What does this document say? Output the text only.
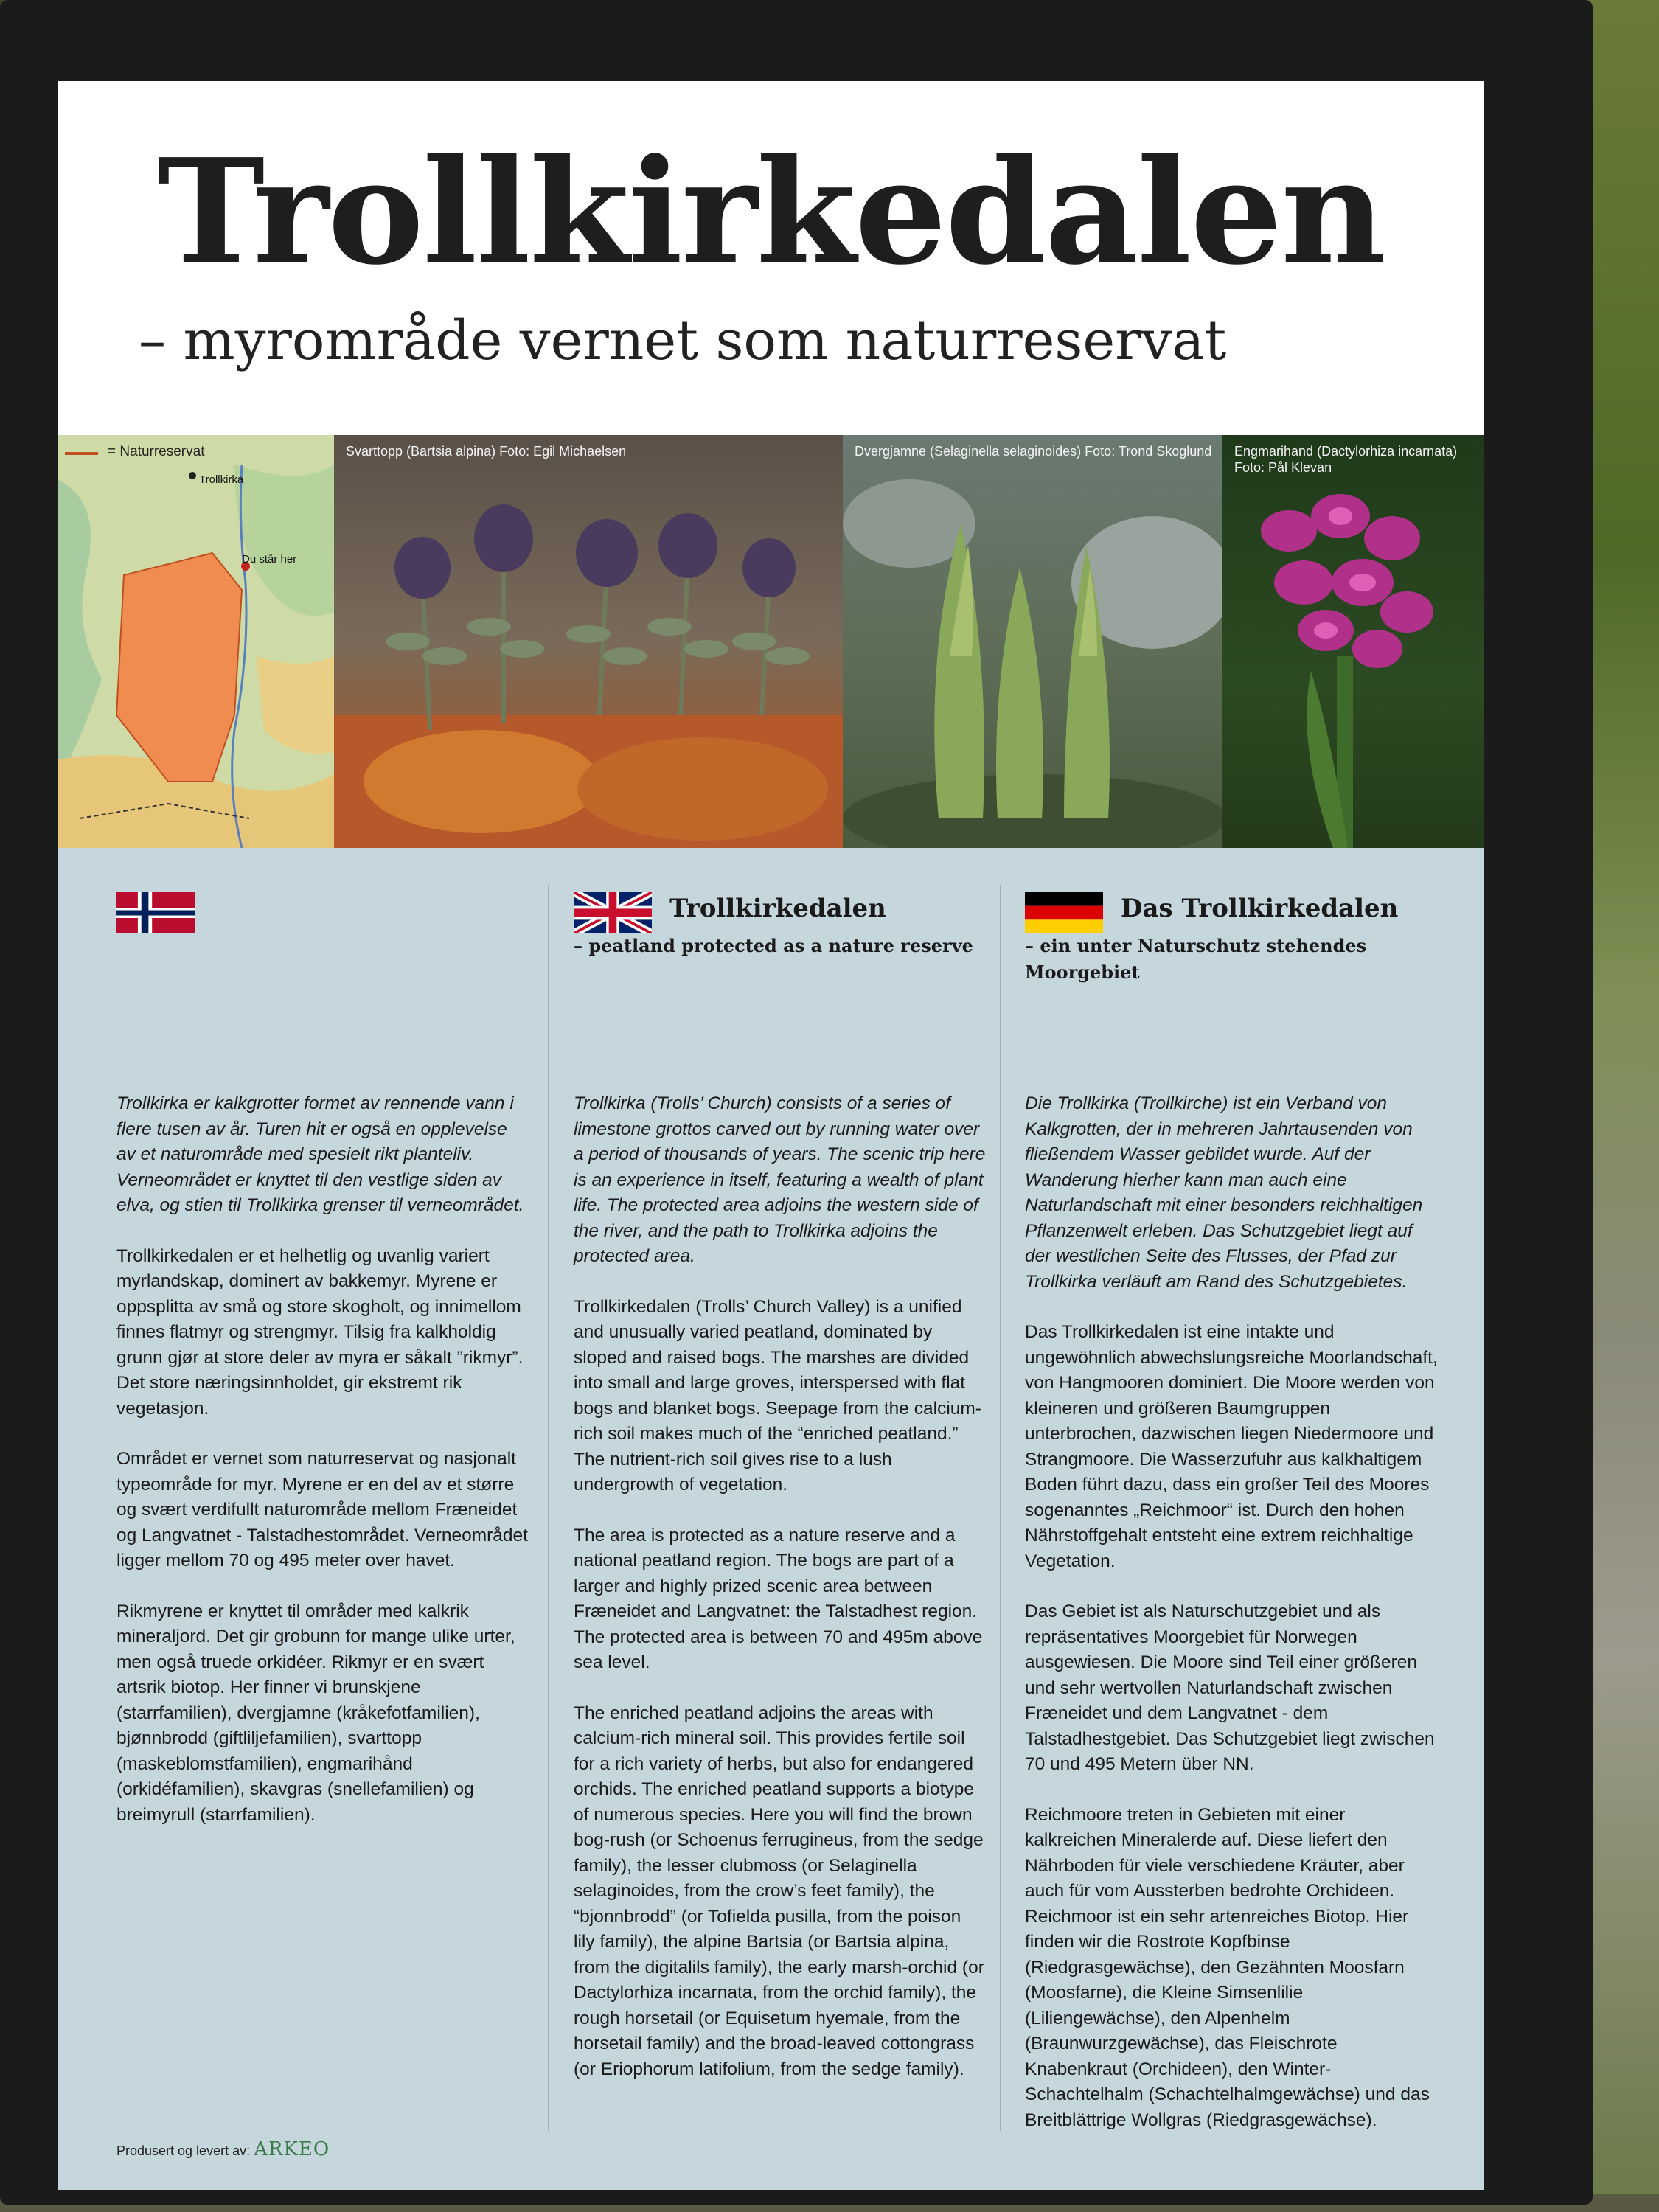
Trollkirkedalen
– myrområde vernet som naturreservat
= Naturreservat
Trollkirka
Du står her
Svarttopp (Bartsia alpina) Foto: Egil Michaelsen	Dvergjamne (Selaginella selaginoides) Foto: Trond Skoglund Engmarihand (Dactylorhiza incarnata) Foto: Pål Klevan

Trollkirka er kalkgrotter formet av rennende vann i flere tusen av år. Turen hit er også en opplevelse av et naturområde med spesielt rikt planteliv. Verneområdet er knyttet til den vestlige siden av elva, og stien til Trollkirka grenser til verneområdet.

Trollkirkedalen er et helhetlig og uvanlig variert myrlandskap, dominert av bakkemyr. Myrene er oppsplitta av små og store skogholt, og innimellom finnes flatmyr og strengmyr. Tilsig fra kalkholdig grunn gjør at store deler av myra er såkalt ”rikmyr”. Det store næringsinnholdet, gir ekstremt rik vegetasjon.

Området er vernet som naturreservat og nasjonalt typeområde for myr. Myrene er en del av et større og svært verdifullt naturområde mellom Fræneidet og Langvatnet - Talstadhestområdet. Verneområdet ligger mellom 70 og 495 meter over havet.

Rikmyrene er knyttet til områder med kalkrik mineraljord. Det gir grobunn for mange ulike urter, men også truede orkidéer. Rikmyr er en svært artsrik biotop. Her finner vi brunskjene (starrfamilien), dvergjamne (kråkefotfamilien), bjønnbrodd (giftliljefamilien), svarttopp (maskeblomstfamilien), engmarihånd (orkidéfamilien), skavgras (snellefamilien) og breimyrull (starrfamilien).

Trollkirkedalen
– peatland protected as a nature reserve

Trollkirka (Trolls’ Church) consists of a series of limestone grottos carved out by running water over a period of thousands of years. The scenic trip here is an experience in itself, featuring a wealth of plant life. The protected area adjoins the western side of the river, and the path to Trollkirka adjoins the protected area.

Trollkirkedalen (Trolls’ Church Valley) is a unified and unusually varied peatland, dominated by sloped and raised bogs. The marshes are divided into small and large groves, interspersed with flat bogs and blanket bogs. Seepage from the calcium-rich soil makes much of the “enriched peatland.” The nutrient-rich soil gives rise to a lush undergrowth of vegetation.

The area is protected as a nature reserve and a national peatland region. The bogs are part of a larger and highly prized scenic area between Fræneidet and Langvatnet: the Talstadhest region. The protected area is between 70 and 495m above sea level.

The enriched peatland adjoins the areas with calcium-rich mineral soil. This provides fertile soil for a rich variety of herbs, but also for endangered orchids. The enriched peatland supports a biotype of numerous species. Here you will find the brown bog-rush (or Schoenus ferrugineus, from the sedge family), the lesser clubmoss (or Selaginella selaginoides, from the crow’s feet family), the “bjonnbrodd” (or Tofielda pusilla, from the poison lily family), the alpine Bartsia (or Bartsia alpina, from the digitalils family), the early marsh-orchid (or Dactylorhiza incarnata, from the orchid family), the rough horsetail (or Equisetum hyemale, from the horsetail family) and the broad-leaved cottongrass (or Eriophorum latifolium, from the sedge family).

Das Trollkirkedalen
– ein unter Naturschutz stehendes Moorgebiet

Die Trollkirka (Trollkirche) ist ein Verband von Kalkgrotten, der in mehreren Jahrtausenden von fließendem Wasser gebildet wurde. Auf der Wanderung hierher kann man auch eine Naturlandschaft mit einer besonders reichhaltigen Pflanzenwelt erleben. Das Schutzgebiet liegt auf der westlichen Seite des Flusses, der Pfad zur Trollkirka verläuft am Rand des Schutzgebietes.

Das Trollkirkedalen ist eine intakte und ungewöhnlich abwechslungsreiche Moorlandschaft, von Hangmooren dominiert. Die Moore werden von kleineren und größeren Baumgruppen unterbrochen, dazwischen liegen Niedermoore und Strangmoore. Die Wasserzufuhr aus kalkhaltigem Boden führt dazu, dass ein großer Teil des Moores sogenanntes „Reichmoor“ ist. Durch den hohen Nährstoffgehalt entsteht eine extrem reichhaltige Vegetation.

Das Gebiet ist als Naturschutzgebiet und als repräsentatives Moorgebiet für Norwegen ausgewiesen. Die Moore sind Teil einer größeren und sehr wertvollen Naturlandschaft zwischen Fræneidet und dem Langvatnet - dem Talstadhestgebiet. Das Schutzgebiet liegt zwischen 70 und 495 Metern über NN.

Reichmoore treten in Gebieten mit einer kalkreichen Mineralerde auf. Diese liefert den Nährboden für viele verschiedene Kräuter, aber auch für vom Aussterben bedrohte Orchideen. Reichmoor ist ein sehr artenreiches Biotop. Hier finden wir die Rostrote Kopfbinse (Riedgrasgewächse), den Gezähnten Moosfarn (Moosfarne), die Kleine Simsenlilie (Liliengewächse), den Alpenhelm (Braunwurzgewächse), das Fleischrote Knabenkraut (Orchideen), den Winter-Schachtelhalm (Schachtelhalmgewächse) und das Breitblättrige Wollgras (Riedgrasgewächse).

Produsert og levert av: ARKEO
